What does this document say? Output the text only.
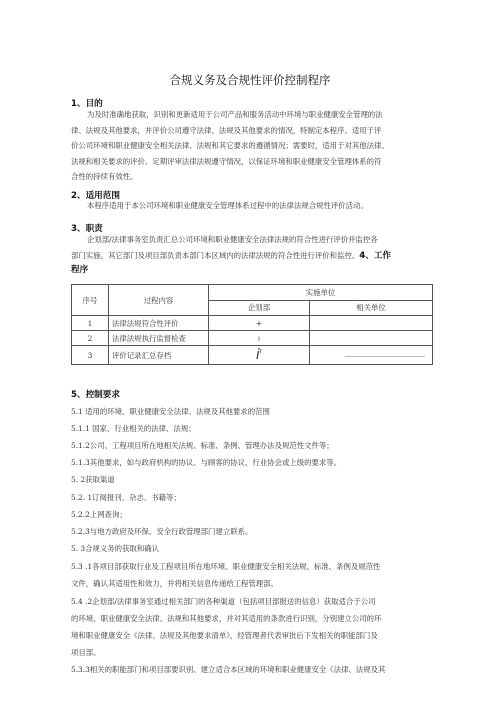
合规义务及合规性评价控制程序
1、目的
为及时准确地获取，识别和更新适用于公司产品和服务活动中环境与职业健康安全管理的法
律、法规及其他要求，并评价公司遵守法律、法规及其他要求的情况，特制定本程序。适用于评
价公司环境和职业健康安全相关法律、法规和其它要求的遵循情况；需要时，适用于对其他法律、
法规和相关要求的评价。定期评审法律法规遵守情况，以保证环境和职业健康安全管理体系的符
合性的持续有效性。
2、适用范围
本程序适用于本公司环境和职业健康安全管理体系过程中的法律法规合规性评价活动。
3、职责
企划部/法律事务室负责汇总公司环境和职业健康安全法律法规的符合性进行评价并监控各
部门实施。其它部门及项目部负责本部门本区域内的法律法规的符合性进行评价和监控。4、工作
程序
序号	过程内容	实施单位	
		企划部	相关单位
1	法律法规符合性评价	+	
2	法律法规执行监督检查	I	
3	评价记录汇总存档	ir	
5、控制要求
5.1 适用的环境、职业健康安全法律、法规及其他要求的范围
5.1.1 国家、行业相关的法律、法规；
5.1.2公司、工程项目所在地相关法规、标准、条例、管理办法及规范性文件等；
5.1.3其他要求，如与政府机构的协议、与顾客的协议、行业协会或上级的要求等。
5. 2获取渠道
5.2. 1订阅报刊、杂志、书籍等；
5.2.2上网查询；
5.2.3与地方政府及环保、安全行政管理部门建立联系。
5. 3合规义务的获取和确认
5.3 .1各项目部获取行业及工程项目所在地环境、职业健康安全相关法规、标准、条例及规范性
文件，确认其适用性和效力，并将相关信息传递给工程管理部。
5.4 .2企划部/法律事务室通过相关部门的各种渠道（包括项目部报送的信息）获取适合于公司
的环境、职业健康安全法律、法规和其他要求，并对其适用的条款进行识别，分别建立公司的环
境和职业健康安全《法律、法规及其他要求清单》，经管理者代表审批后下发相关的职能部门及
项目部。
5.3.3相关的职能部门和项目部要识别、建立适合本区域的环境和职业健康安全《法律、法规及其
